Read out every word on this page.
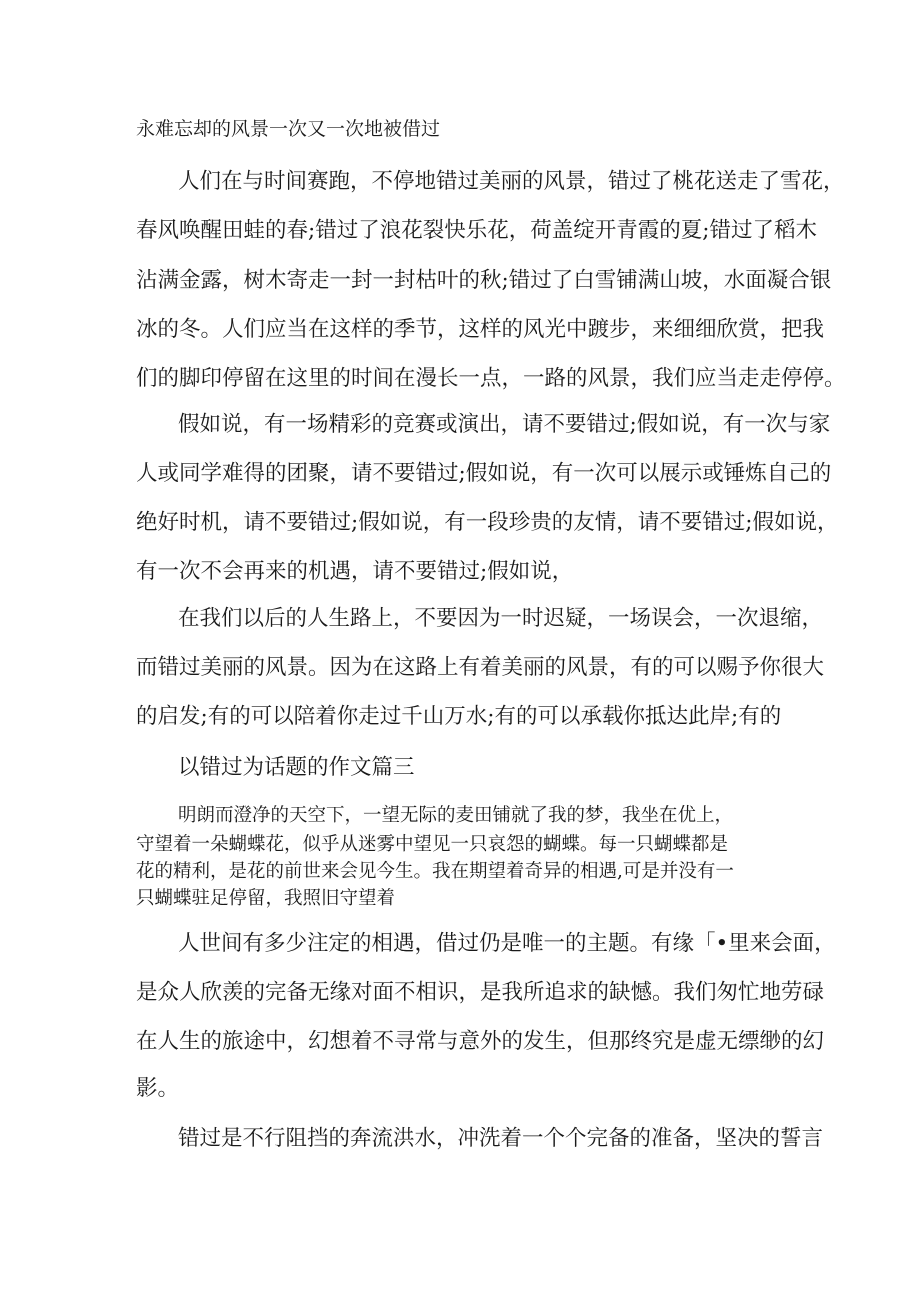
永难忘却的风景一次又一次地被借过

人们在与时间赛跑，不停地错过美丽的风景，错过了桃花送走了雪花，

春风唤醒田蛙的春;错过了浪花裂快乐花，荷盖绽开青霞的夏;错过了稻木

沾满金露，树木寄走一封一封枯叶的秋;错过了白雪铺满山坡，水面凝合银

冰的冬。人们应当在这样的季节，这样的风光中踱步，来细细欣赏，把我

们的脚印停留在这里的时间在漫长一点，一路的风景，我们应当走走停停。

假如说，有一场精彩的竞赛或演出，请不要错过;假如说，有一次与家

人或同学难得的团聚，请不要错过;假如说，有一次可以展示或锤炼自己的

绝好时机，请不要错过;假如说，有一段珍贵的友情，请不要错过;假如说，

有一次不会再来的机遇，请不要错过;假如说，

在我们以后的人生路上，不要因为一时迟疑，一场误会，一次退缩，

而错过美丽的风景。因为在这路上有着美丽的风景，有的可以赐予你很大

的启发;有的可以陪着你走过千山万水;有的可以承载你抵达此岸;有的

以错过为话题的作文篇三

明朗而澄净的天空下，一望无际的麦田铺就了我的梦，我坐在优上，

守望着一朵蝴蝶花，似乎从迷雾中望见一只哀怨的蝴蝶。每一只蝴蝶都是

花的精利，是花的前世来会见今生。我在期望着奇异的相遇,可是并没有一

只蝴蝶驻足停留，我照旧守望着

人世间有多少注定的相遇，借过仍是唯一的主题。有缘「•里来会面，

是众人欣羡的完备无缘对面不相识，是我所追求的缺憾。我们匆忙地劳碌

在人生的旅途中，幻想着不寻常与意外的发生，但那终究是虚无缥缈的幻

影。

错过是不行阻挡的奔流洪水，冲洗着一个个完备的准备，坚决的誓言
